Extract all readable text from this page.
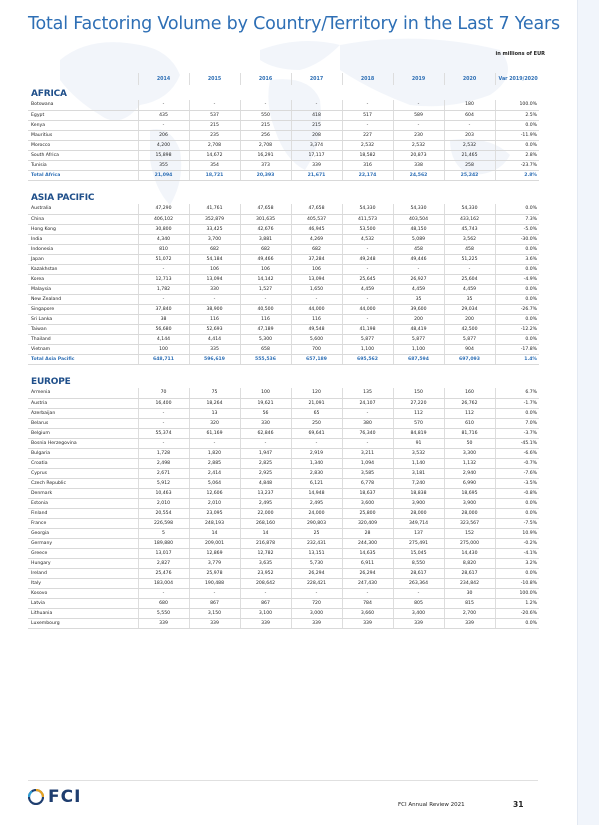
Total Factoring Volume by Country/Territory in the Last 7 Years
in millions of EUR
	2014	2015	2016	2017	2018	2019	2020	Var 2019/2020
AFRICA								
Botswana	-	-	-	-	-	-	180	100.0%
Egypt	435	537	550	418	517	589	604	2.5%
Kenya	-	215	215	215	-	-	-	0.0%
Mauritius	206	235	256	208	227	230	203	-11.9%
Morocco	4,200	2,708	2,708	3,374	2,532	2,532	2,532	0.0%
South Africa	15,898	14,672	16,291	17,117	18,582	20,873	21,465	2.8%
Tunisia	355	354	373	339	316	338	258	-23.7%
Total Africa	21,094	18,721	20,393	21,671	22,174	24,562	25,242	2.8%

ASIA PACIFIC								
Australia	47,290	41,761	47,658	47,658	54,330	54,330	54,330	0.0%
China	406,102	352,879	301,635	405,537	411,573	403,504	433,162	7.3%
Hong Kong	30,800	33,425	42,676	46,945	53,500	48,150	45,743	-5.0%
India	4,340	3,700	3,881	4,269	4,532	5,089	3,562	-30.0%
Indonesia	810	682	682	682	-	458	458	0.0%
Japan	51,072	54,184	49,466	37,284	49,248	49,446	51,225	3.6%
Kazakhstan	-	106	106	106	-	-	-	0.0%
Korea	12,713	13,094	14,142	13,094	25,645	26,927	25,604	-4.9%
Malaysia	1,782	330	1,527	1,650	4,459	4,459	4,459	0.0%
New Zealand	-	-	-	-	-	35	35	0.0%
Singapore	37,840	38,900	40,500	44,000	44,000	39,600	29,034	-26.7%
Sri Lanka	38	116	116	116	-	200	200	0.0%
Taiwan	56,680	52,693	47,189	49,548	41,198	48,419	42,500	-12.2%
Thailand	4,144	4,414	5,300	5,600	5,877	5,877	5,877	0.0%
Vietnam	100	335	658	700	1,100	1,100	904	-17.8%
Total Asia Pacific	648,711	596,619	555,536	657,189	695,562	687,594	697,093	1.4%

EUROPE								
Armenia	70	75	100	120	135	150	160	6.7%
Austria	16,400	18,264	19,621	21,091	24,107	27,220	26,762	-1.7%
Azerbaijan	-	13	56	65	-	112	112	0.0%
Belarus	-	320	330	250	380	570	610	7.0%
Belgium	55,374	61,169	62,846	69,641	76,340	84,819	81,716	-3.7%
Bosnia Herzegovina	-	-	-	-	-	91	50	-45.1%
Bulgaria	1,728	1,820	1,947	2,919	3,211	3,532	3,300	-6.6%
Croatia	2,498	2,885	2,825	1,340	1,094	1,140	1,132	-0.7%
Cyprus	2,671	2,414	2,925	2,830	3,585	3,181	2,940	-7.6%
Czech Republic	5,912	5,064	4,848	6,121	6,778	7,240	6,990	-3.5%
Denmark	10,463	12,606	13,237	14,948	18,637	18,838	18,695	-0.8%
Estonia	2,010	2,010	2,495	2,495	3,600	3,900	3,900	0.0%
Finland	20,554	23,095	22,000	24,000	25,800	28,000	28,000	0.0%
France	226,598	248,193	268,160	290,803	320,409	349,714	323,567	-7.5%
Georgia	5	14	14	25	28	137	152	10.9%
Germany	189,880	209,001	216,878	232,431	244,300	275,491	275,000	-0.2%
Greece	13,017	12,869	12,782	13,151	14,635	15,045	14,430	-4.1%
Hungary	2,827	3,779	3,635	5,730	6,911	8,550	8,820	3.2%
Ireland	25,476	25,978	23,952	26,294	26,294	28,617	28,617	0.0%
Italy	183,004	190,488	208,642	228,421	247,430	263,364	234,842	-10.8%
Kosovo	-	-	-	-	-	-	30	100.0%
Latvia	680	867	867	720	784	805	815	1.2%
Lithuania	5,550	3,150	3,100	3,000	3,660	3,400	2,700	-20.6%
Luxembourg	339	339	339	339	339	339	339	0.0%
FCI	FCI Annual Review 2021	31
